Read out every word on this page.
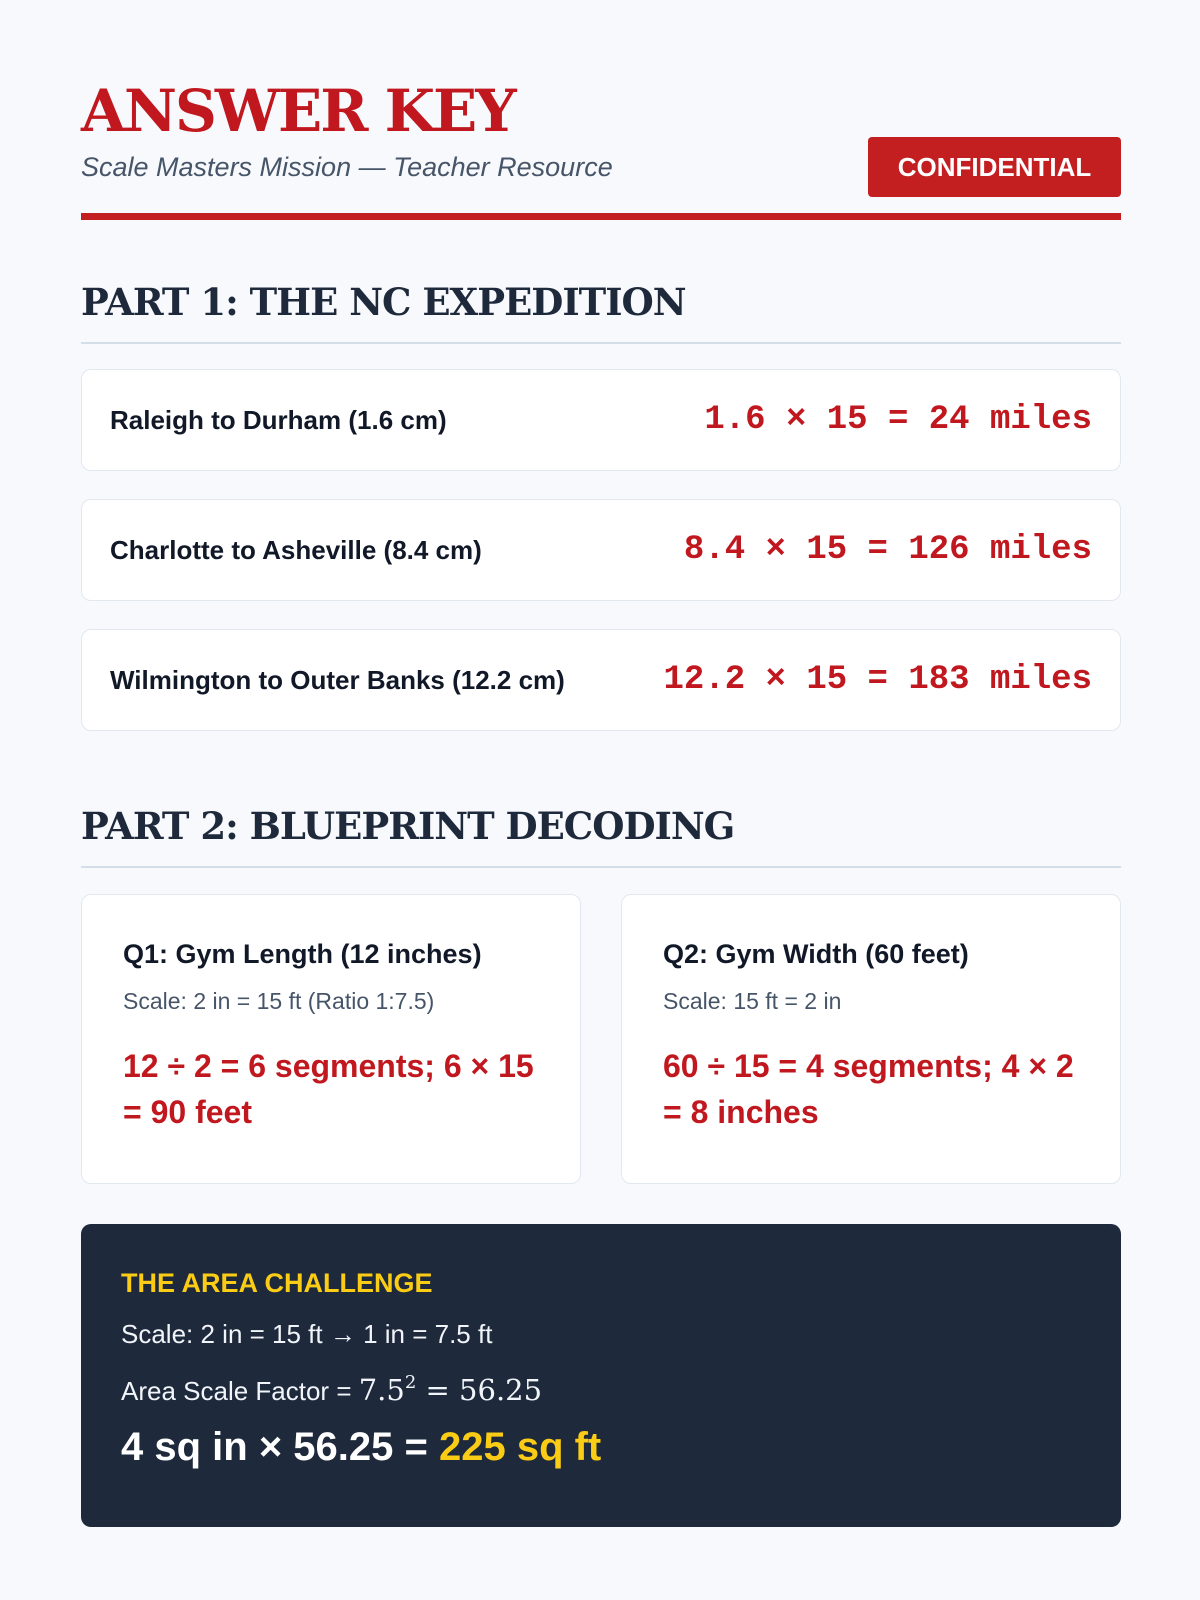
ANSWER KEY
Scale Masters Mission — Teacher Resource	CONFIDENTIAL
PART 1: THE NC EXPEDITION
Raleigh to Durham (1.6 cm)	1.6 × 15 = 24 miles
Charlotte to Asheville (8.4 cm)	8.4 × 15 = 126 miles
Wilmington to Outer Banks (12.2 cm)	12.2 × 15 = 183 miles
PART 2: BLUEPRINT DECODING
Q1: Gym Length (12 inches)
Scale: 2 in = 15 ft (Ratio 1:7.5)
12 ÷ 2 = 6 segments; 6 × 15 = 90 feet
Q2: Gym Width (60 feet)
Scale: 15 ft = 2 in
60 ÷ 15 = 4 segments; 4 × 2 = 8 inches
THE AREA CHALLENGE
Scale: 2 in = 15 ft → 1 in = 7.5 ft
Area Scale Factor = $7.5^2 = 56.25$
4 sq in × 56.25 = 225 sq ft
